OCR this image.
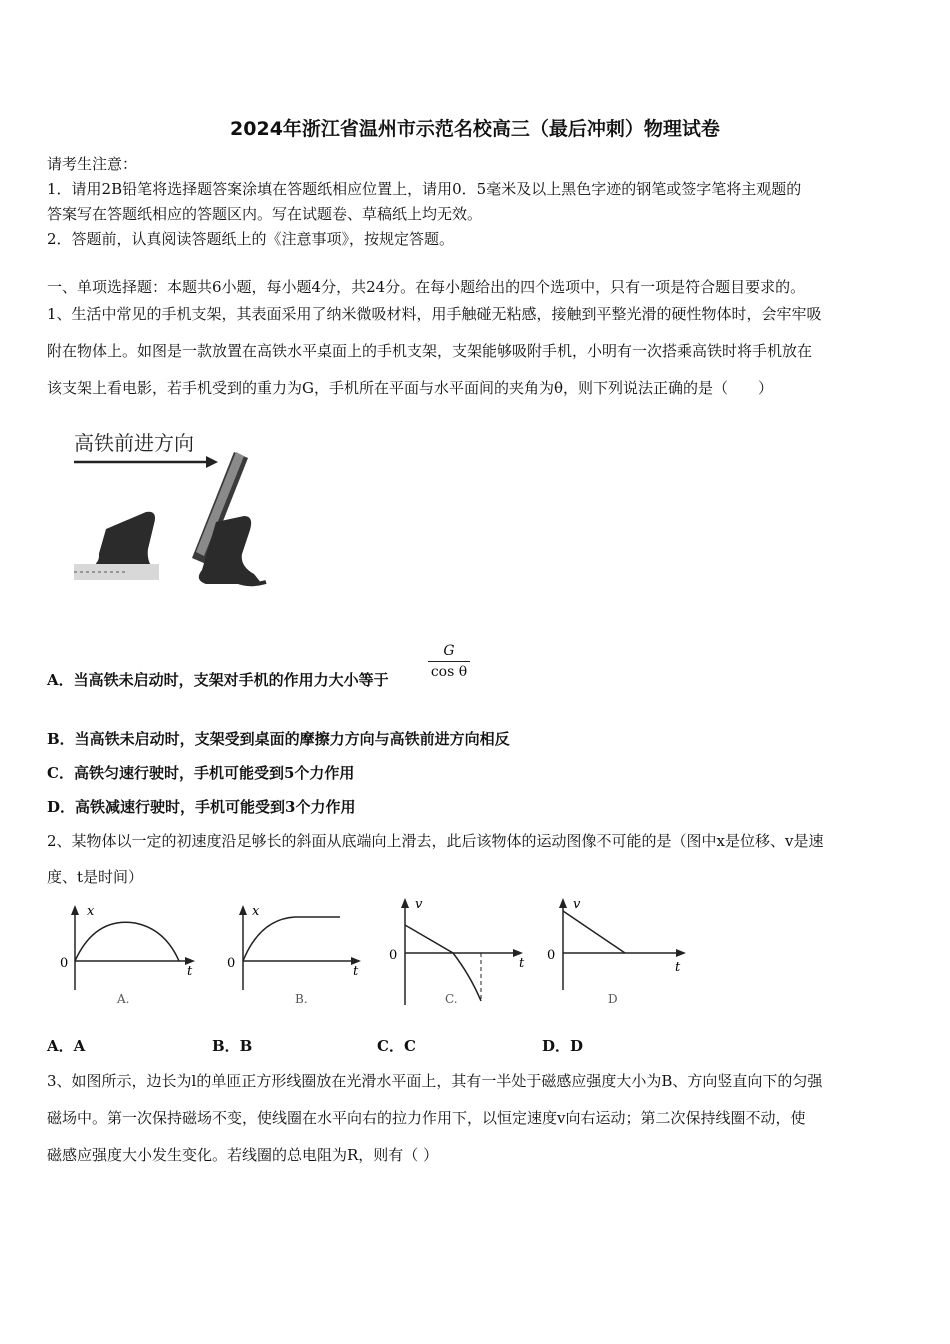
2024年浙江省温州市示范名校高三（最后冲刺）物理试卷
请考生注意：
1．请用2B铅笔将选择题答案涂填在答题纸相应位置上，请用0．5毫米及以上黑色字迹的钢笔或签字笔将主观题的
答案写在答题纸相应的答题区内。写在试题卷、草稿纸上均无效。
2．答题前，认真阅读答题纸上的《注意事项》，按规定答题。
一、单项选择题：本题共6小题，每小题4分，共24分。在每小题给出的四个选项中，只有一项是符合题目要求的。
1、生活中常见的手机支架，其表面采用了纳米微吸材料，用手触碰无粘感，接触到平整光滑的硬性物体时，会牢牢吸
附在物体上。如图是一款放置在高铁水平桌面上的手机支架，支架能够吸附手机，小明有一次搭乘高铁时将手机放在
该支架上看电影，若手机受到的重力为G，手机所在平面与水平面间的夹角为θ，则下列说法正确的是（　　）
高铁前进方向
θ
A．当高铁未启动时，支架对手机的作用力大小等于
G
cos θ
B．当高铁未启动时，支架受到桌面的摩擦力方向与高铁前进方向相反
C．高铁匀速行驶时，手机可能受到5个力作用
D．高铁减速行驶时，手机可能受到3个力作用
2、某物体以一定的初速度沿足够长的斜面从底端向上滑去，此后该物体的运动图像不可能的是（图中x是位移、v是速
度、t是时间）
x
0
t
A.
x
0
t
B.
v
0
t
C.
v
0
t
D
A．A	B．B	C．C	D．D
3、如图所示，边长为l的单匝正方形线圈放在光滑水平面上，其有一半处于磁感应强度大小为B、方向竖直向下的匀强
磁场中。第一次保持磁场不变，使线圈在水平向右的拉力作用下，以恒定速度v向右运动；第二次保持线圈不动，使
磁感应强度大小发生变化。若线圈的总电阻为R，则有（ ）
